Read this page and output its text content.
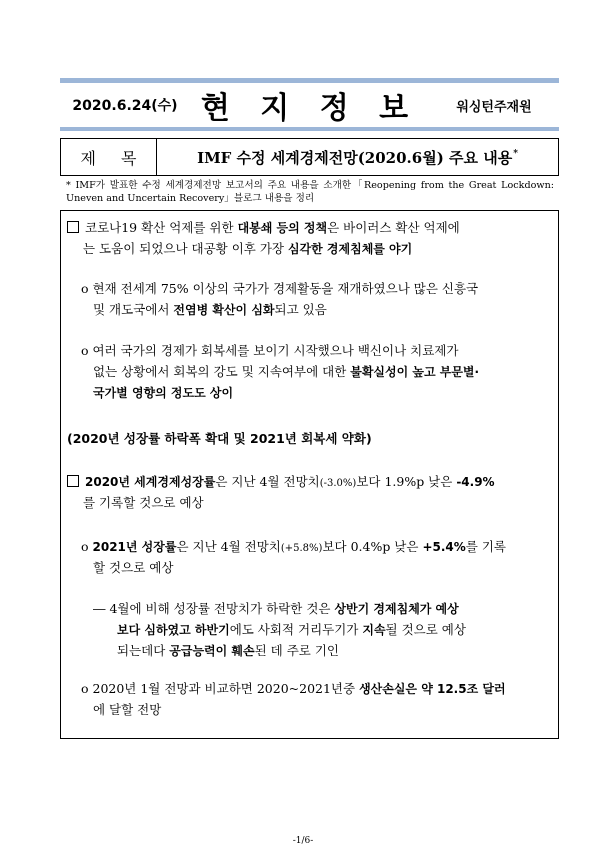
2020.6.24(수) 현 지 정 보	워싱턴주재원
제 목	IMF 수정 세계경제전망(2020.6월) 주요 내용*
* IMF가 발표한 수정 세계경제전망 보고서의 주요 내용을 소개한「Reopening from the Great Lockdown: Uneven and Uncertain Recovery」블로그 내용을 정리
코로나19 확산 억제를 위한 대봉쇄 등의 정책은 바이러스 확산 억제에
는 도움이 되었으나 대공황 이후 가장 심각한 경제침체를 야기
o 현재 전세계 75% 이상의 국가가 경제활동을 재개하였으나 많은 신흥국
및 개도국에서 전염병 확산이 심화되고 있음
o 여러 국가의 경제가 회복세를 보이기 시작했으나 백신이나 치료제가
없는 상황에서 회복의 강도 및 지속여부에 대한 불확실성이 높고 부문별·
국가별 영향의 정도도 상이
(2020년 성장률 하락폭 확대 및 2021년 회복세 약화)
2020년 세계경제성장률은 지난 4월 전망치(-3.0%)보다 1.9%p 낮은 -4.9%
를 기록할 것으로 예상
o 2021년 성장률은 지난 4월 전망치(+5.8%)보다 0.4%p 낮은 +5.4%를 기록
할 것으로 예상
― 4월에 비해 성장률 전망치가 하락한 것은 상반기 경제침체가 예상
보다 심하였고 하반기에도 사회적 거리두기가 지속될 것으로 예상
되는데다 공급능력이 훼손된 데 주로 기인
o 2020년 1월 전망과 비교하면 2020~2021년중 생산손실은 약 12.5조 달러
에 달할 전망
-1/6-
